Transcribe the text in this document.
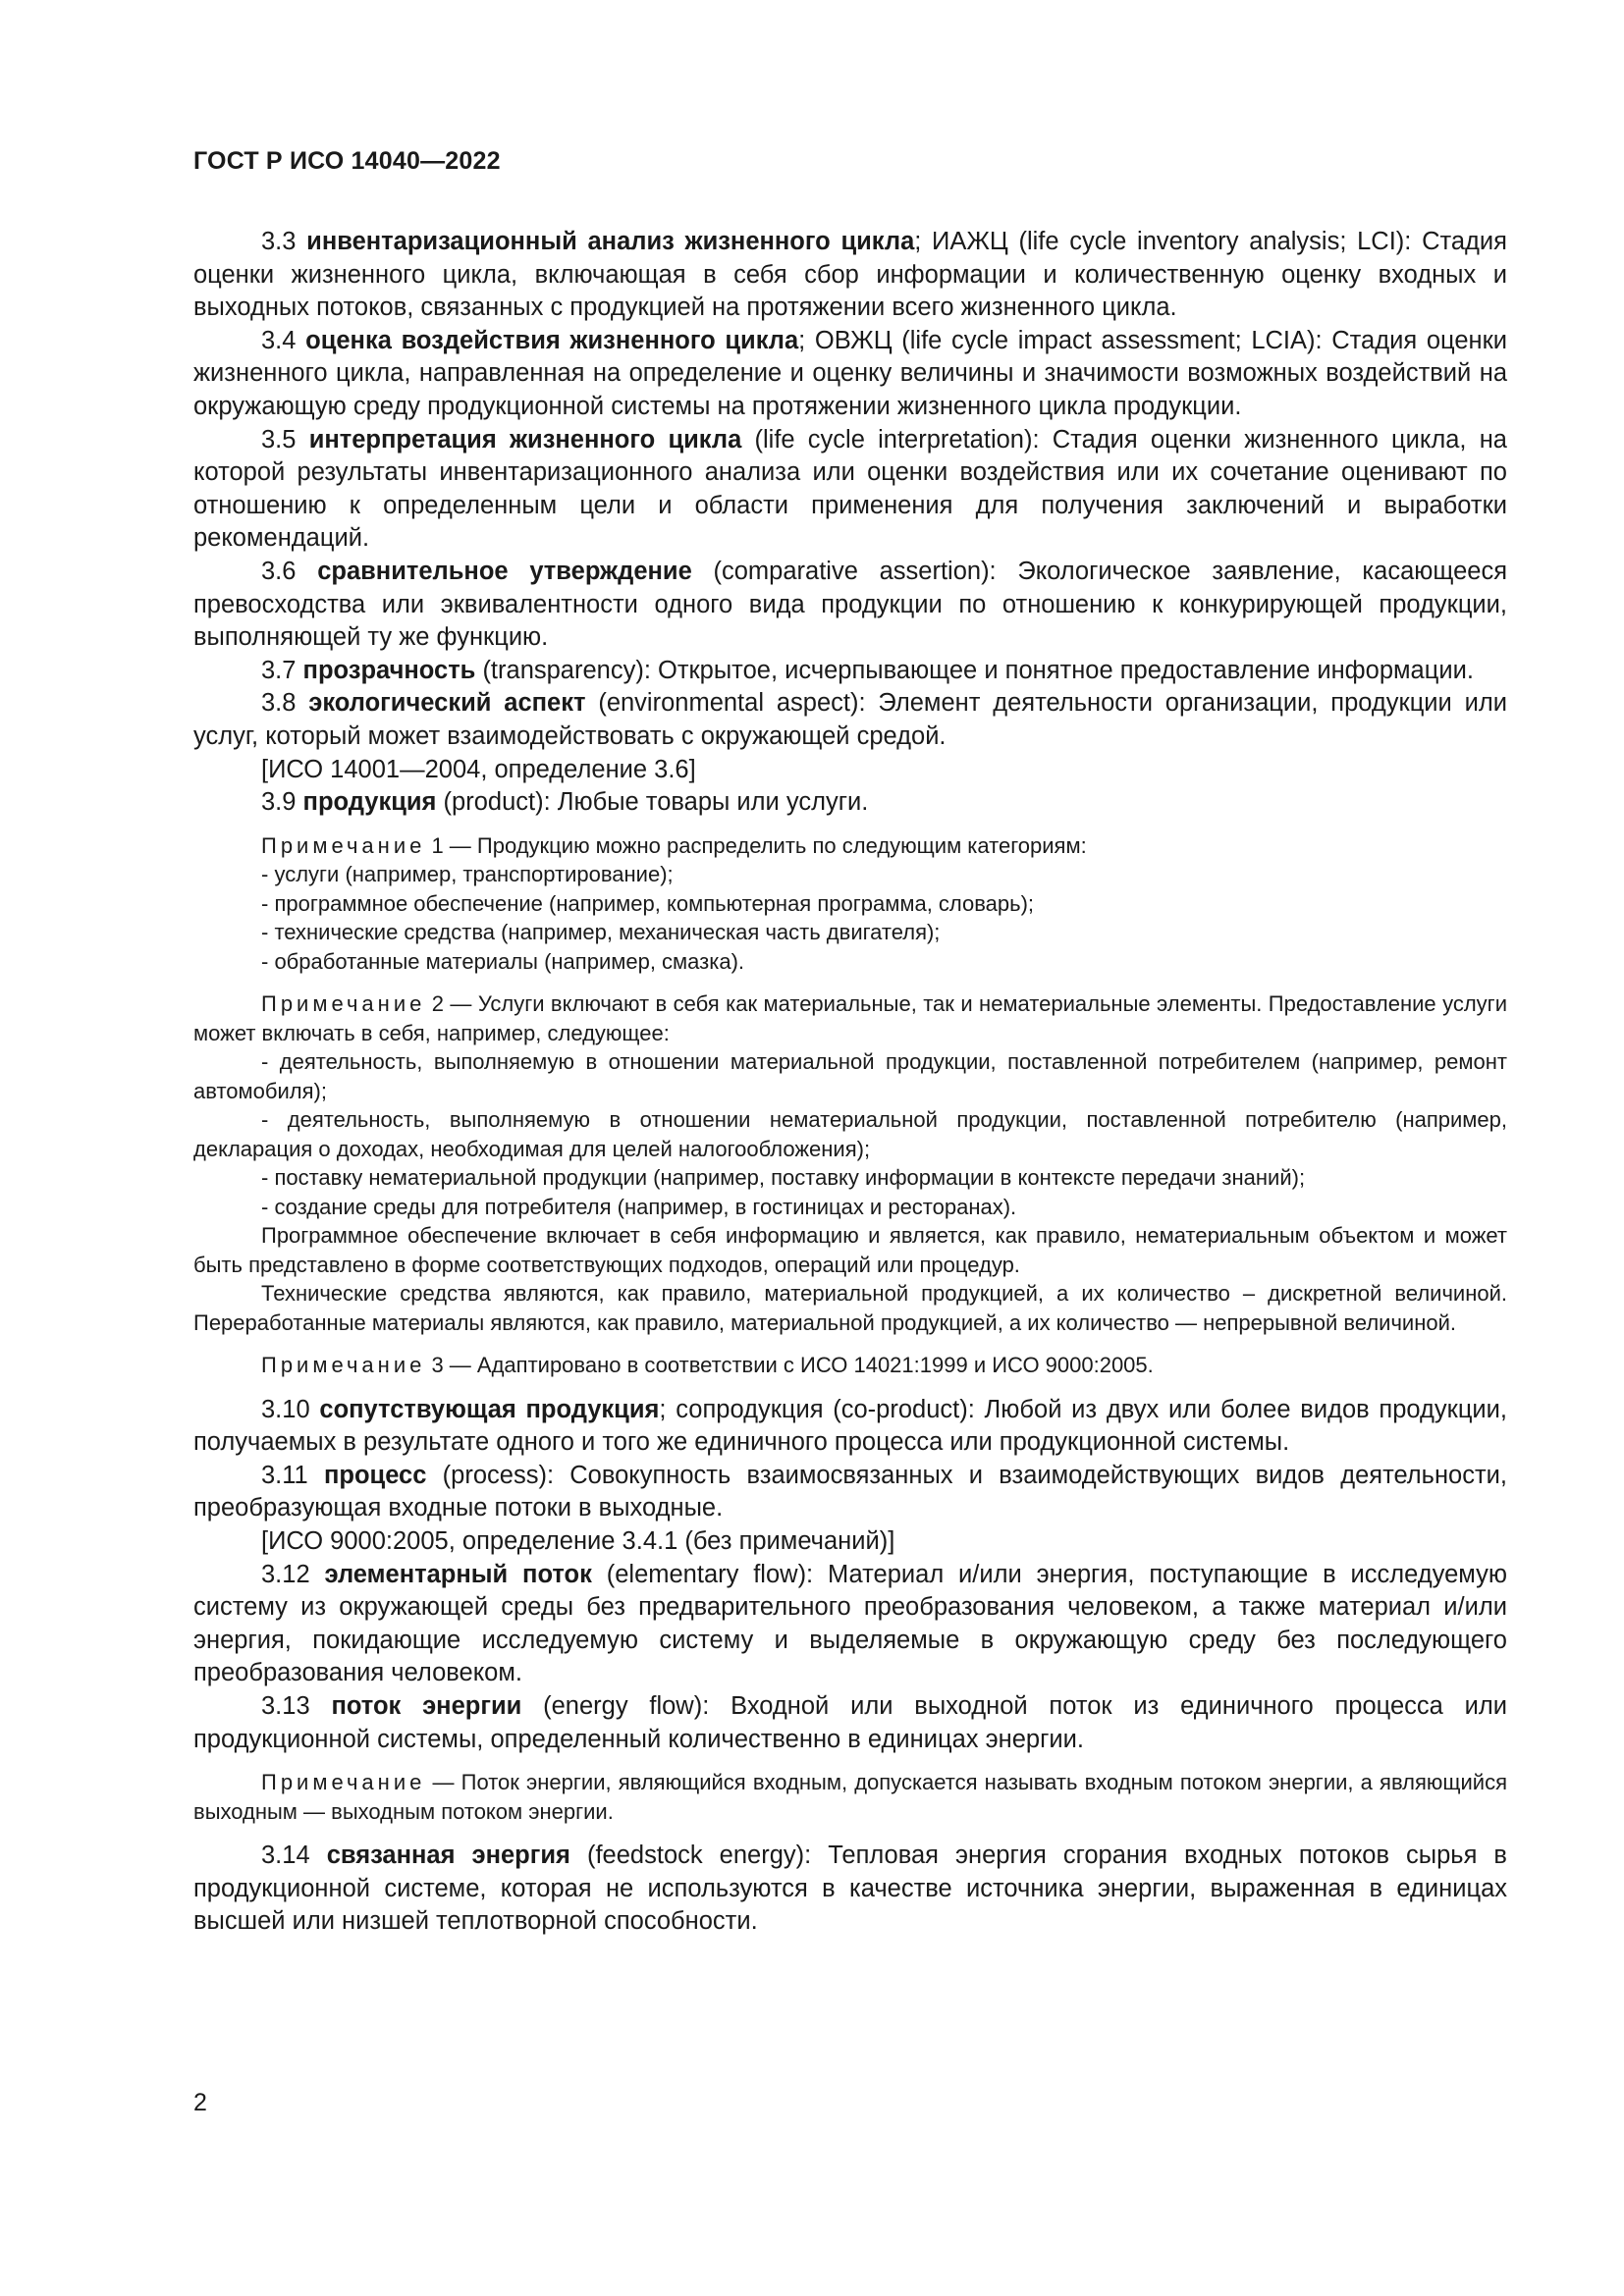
ГОСТ Р ИСО 14040—2022

3.3 инвентаризационный анализ жизненного цикла; ИАЖЦ (life cycle inventory analysis; LCI): Стадия оценки жизненного цикла, включающая в себя сбор информации и количественную оценку входных и выходных потоков, связанных с продукцией на протяжении всего жизненного цикла.

3.4 оценка воздействия жизненного цикла; ОВЖЦ (life cycle impact assessment; LCIA): Стадия оценки жизненного цикла, направленная на определение и оценку величины и значимости возможных воздействий на окружающую среду продукционной системы на протяжении жизненного цикла продукции.

3.5 интерпретация жизненного цикла (life cycle interpretation): Стадия оценки жизненного цикла, на которой результаты инвентаризационного анализа или оценки воздействия или их сочетание оценивают по отношению к определенным цели и области применения для получения заключений и выработки рекомендаций.

3.6 сравнительное утверждение (comparative assertion): Экологическое заявление, касающееся превосходства или эквивалентности одного вида продукции по отношению к конкурирующей продукции, выполняющей ту же функцию.

3.7 прозрачность (transparency): Открытое, исчерпывающее и понятное предоставление информации.

3.8 экологический аспект (environmental aspect): Элемент деятельности организации, продукции или услуг, который может взаимодействовать с окружающей средой.

[ИСО 14001—2004, определение 3.6]

3.9 продукция (product): Любые товары или услуги.

Примечание 1 — Продукцию можно распределить по следующим категориям:

- услуги (например, транспортирование);

- программное обеспечение (например, компьютерная программа, словарь);

- технические средства (например, механическая часть двигателя);

- обработанные материалы (например, смазка).

Примечание 2 — Услуги включают в себя как материальные, так и нематериальные элементы. Предоставление услуги может включать в себя, например, следующее:

- деятельность, выполняемую в отношении материальной продукции, поставленной потребителем (например, ремонт автомобиля);

- деятельность, выполняемую в отношении нематериальной продукции, поставленной потребителю (например, декларация о доходах, необходимая для целей налогообложения);

- поставку нематериальной продукции (например, поставку информации в контексте передачи знаний);

- создание среды для потребителя (например, в гостиницах и ресторанах).

Программное обеспечение включает в себя информацию и является, как правило, нематериальным объектом и может быть представлено в форме соответствующих подходов, операций или процедур.

Технические средства являются, как правило, материальной продукцией, а их количество – дискретной величиной. Переработанные материалы являются, как правило, материальной продукцией, а их количество — непрерывной величиной.

Примечание 3 — Адаптировано в соответствии с ИСО 14021:1999 и ИСО 9000:2005.

3.10 сопутствующая продукция; сопродукция (co-product): Любой из двух или более видов продукции, получаемых в результате одного и того же единичного процесса или продукционной системы.

3.11 процесс (process): Совокупность взаимосвязанных и взаимодействующих видов деятельности, преобразующая входные потоки в выходные.

[ИСО 9000:2005, определение 3.4.1 (без примечаний)]

3.12 элементарный поток (elementary flow): Материал и/или энергия, поступающие в исследуемую систему из окружающей среды без предварительного преобразования человеком, а также материал и/или энергия, покидающие исследуемую систему и выделяемые в окружающую среду без последующего преобразования человеком.

3.13 поток энергии (energy flow): Входной или выходной поток из единичного процесса или продукционной системы, определенный количественно в единицах энергии.

Примечание — Поток энергии, являющийся входным, допускается называть входным потоком энергии, а являющийся выходным — выходным потоком энергии.

3.14 связанная энергия (feedstock energy): Тепловая энергия сгорания входных потоков сырья в продукционной системе, которая не используются в качестве источника энергии, выраженная в единицах высшей или низшей теплотворной способности.

2
